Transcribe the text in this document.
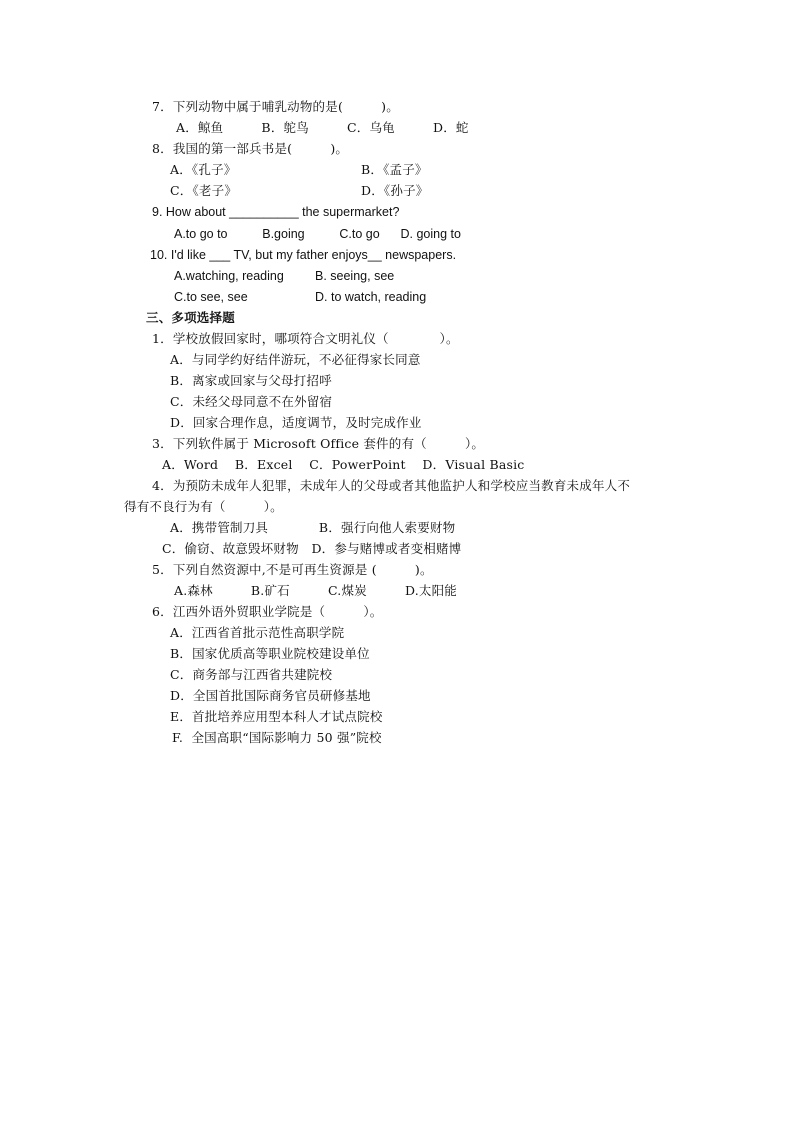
7．下列动物中属于哺乳动物的是(　　　)。
A．鲸鱼　　　B．鸵鸟　　　C．乌龟　　　D．蛇
8．我国的第一部兵书是(　　　)。
A．《孔子》	B．《孟子》
C．《老子》	D．《孙子》
9. How about __________ the supermarket?
A.to go to          B.going          C.to go      D. going to
10. I'd like ___ TV, but my father enjoys__ newspapers.
A.watching, reading B. seeing, see
C.to see, see	D. to watch, reading
三、多项选择题
1．学校放假回家时，哪项符合文明礼仪（　　　　）。
A．与同学约好结伴游玩，不必征得家长同意
B．离家或回家与父母打招呼
C．未经父母同意不在外留宿
D．回家合理作息，适度调节，及时完成作业
3．下列软件属于 Microsoft Office 套件的有（　　　）。
A．Word    B．Excel    C．PowerPoint    D．Visual Basic
4．为预防未成年人犯罪，未成年人的父母或者其他监护人和学校应当教育未成年人不
得有不良行为有（　　　）。
A．携带管制刀具　　　　B．强行向他人索要财物
C．偷窃、故意毁坏财物　D．参与赌博或者变相赌博
5．下列自然资源中,不是可再生资源是 (　　　)。
A.森林　　　B.矿石　　　C.煤炭　　　D.太阳能
6．江西外语外贸职业学院是（　　　）。
A．江西省首批示范性高职学院
B．国家优质高等职业院校建设单位
C．商务部与江西省共建院校
D．全国首批国际商务官员研修基地
E．首批培养应用型本科人才试点院校
F.  全国高职“国际影响力 50 强”院校
